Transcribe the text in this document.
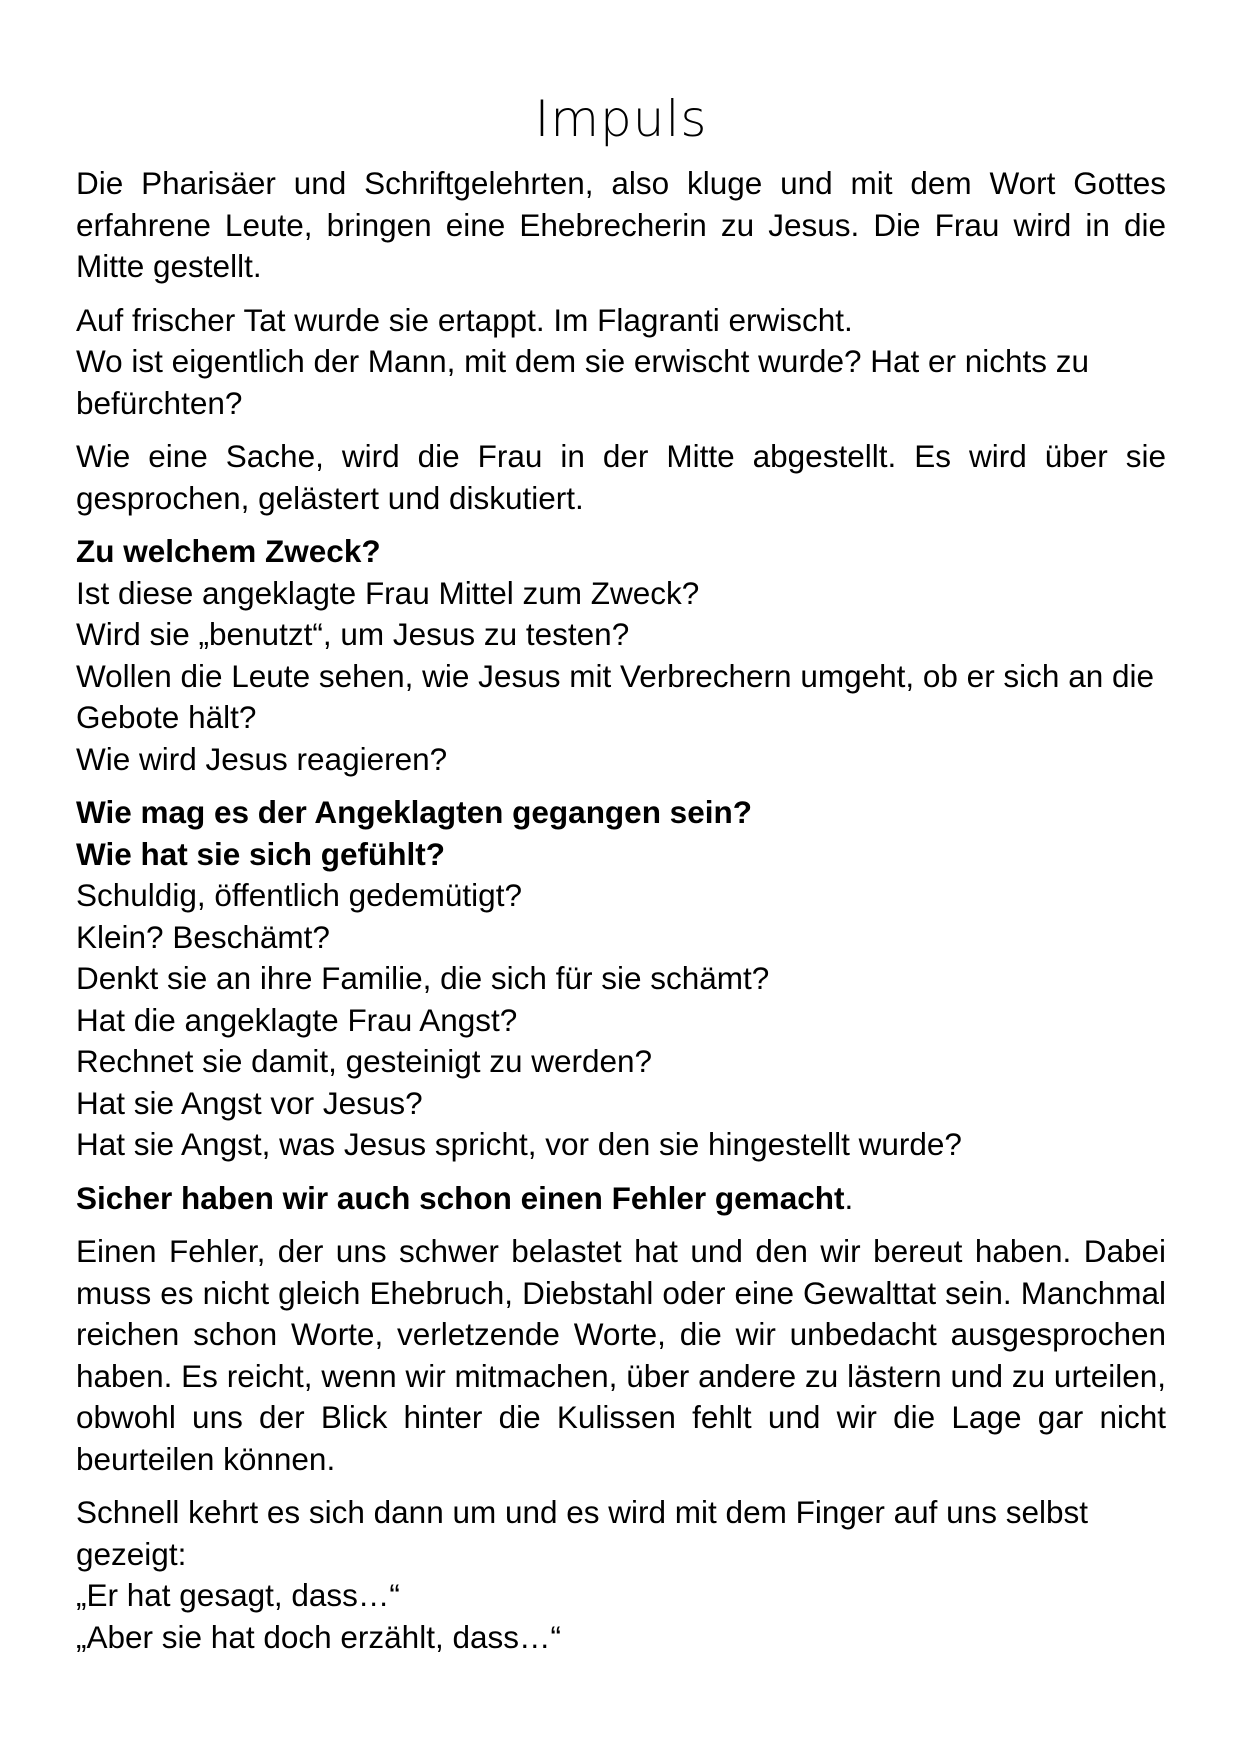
Impuls

Die Pharisäer und Schriftgelehrten, also kluge und mit dem Wort Gottes erfahrene Leute, bringen eine Ehebrecherin zu Jesus. Die Frau wird in die Mitte gestellt.

Auf frischer Tat wurde sie ertappt. Im Flagranti erwischt.
Wo ist eigentlich der Mann, mit dem sie erwischt wurde? Hat er nichts zu befürchten?

Wie eine Sache, wird die Frau in der Mitte abgestellt. Es wird über sie gesprochen, gelästert und diskutiert.

Zu welchem Zweck?
Ist diese angeklagte Frau Mittel zum Zweck?
Wird sie „benutzt“, um Jesus zu testen?
Wollen die Leute sehen, wie Jesus mit Verbrechern umgeht, ob er sich an die Gebote hält?
Wie wird Jesus reagieren?

Wie mag es der Angeklagten gegangen sein?
Wie hat sie sich gefühlt?
Schuldig, öffentlich gedemütigt?
Klein? Beschämt?
Denkt sie an ihre Familie, die sich für sie schämt?
Hat die angeklagte Frau Angst?
Rechnet sie damit, gesteinigt zu werden?
Hat sie Angst vor Jesus?
Hat sie Angst, was Jesus spricht, vor den sie hingestellt wurde?

Sicher haben wir auch schon einen Fehler gemacht.

Einen Fehler, der uns schwer belastet hat und den wir bereut haben. Dabei muss es nicht gleich Ehebruch, Diebstahl oder eine Gewalttat sein. Manchmal reichen schon Worte, verletzende Worte, die wir unbedacht ausgesprochen haben. Es reicht, wenn wir mitmachen, über andere zu lästern und zu urteilen, obwohl uns der Blick hinter die Kulissen fehlt und wir die Lage gar nicht beurteilen können.

Schnell kehrt es sich dann um und es wird mit dem Finger auf uns selbst gezeigt:
„Er hat gesagt, dass…“
„Aber sie hat doch erzählt, dass…“
